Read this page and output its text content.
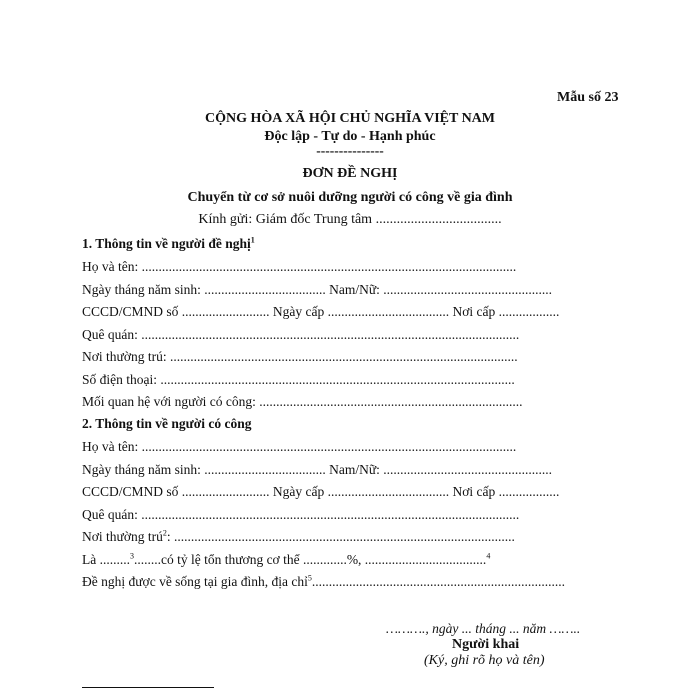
Mẫu số 23
CỘNG HÒA XÃ HỘI CHỦ NGHĨA VIỆT NAM
Độc lập - Tự do - Hạnh phúc
---------------
ĐƠN ĐỀ NGHỊ
Chuyển từ cơ sở nuôi dưỡng người có công về gia đình
Kính gửi: Giám đốc Trung tâm ....................................
1. Thông tin về người đề nghị$^1$
Họ và tên: ...............................................................................................................
Ngày tháng năm sinh: .................................... Nam/Nữ: ..................................................
CCCD/CMND số .......................... Ngày cấp .................................... Nơi cấp ..................
Quê quán: ................................................................................................................
Nơi thường trú: .......................................................................................................
Số điện thoại: .........................................................................................................
Mối quan hệ với người có công: ..............................................................................
2. Thông tin về người có công
Họ và tên: ...............................................................................................................
Ngày tháng năm sinh: .................................... Nam/Nữ: ..................................................
CCCD/CMND số .......................... Ngày cấp .................................... Nơi cấp ..................
Quê quán: ................................................................................................................
Nơi thường trú$^2$: .....................................................................................................
Là .........$^3$........có tỷ lệ tổn thương cơ thể .............%, ....................................$^4$
Đề nghị được về sống tại gia đình, địa chỉ$^5$...........................................................................
………., ngày ... tháng ... năm ……..
Người khai
(Ký, ghi rõ họ và tên)
